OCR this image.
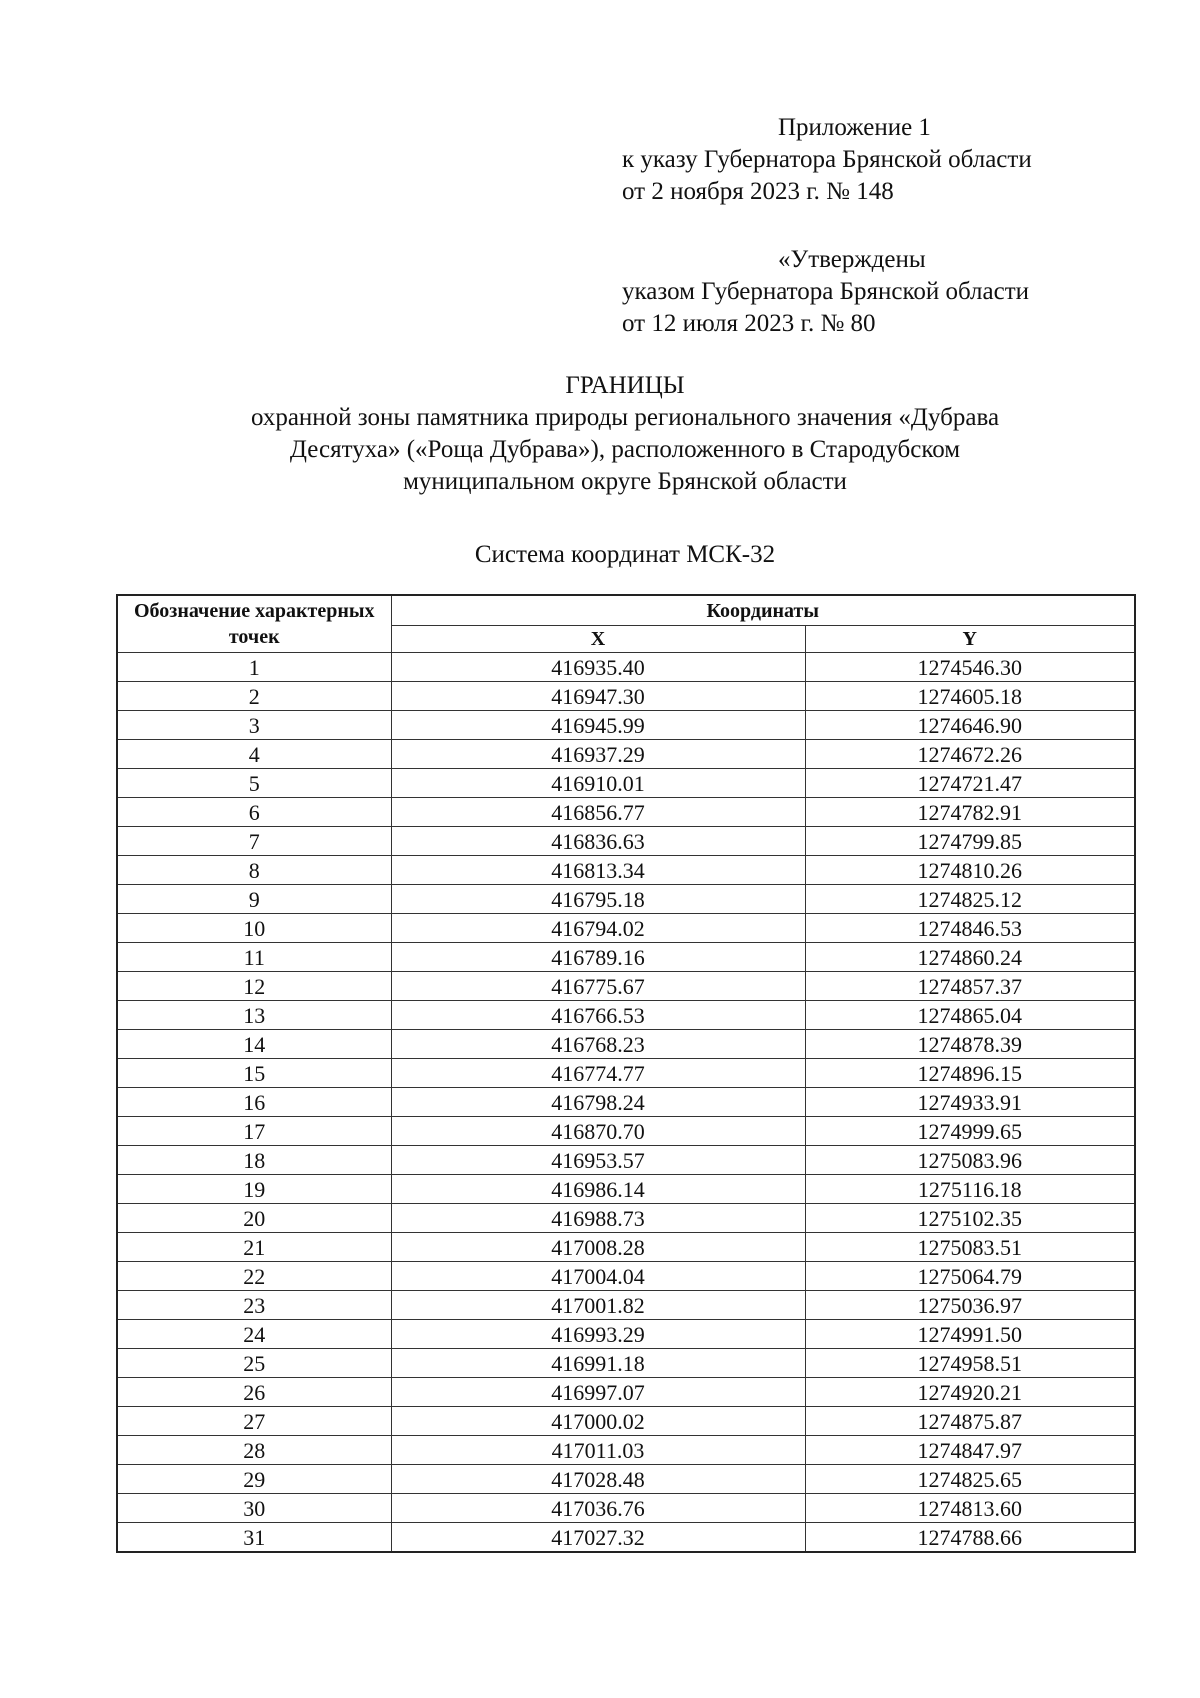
Приложение 1
к указу Губернатора Брянской области
от 2 ноября 2023 г. № 148
«Утверждены
указом Губернатора Брянской области
от 12 июля 2023 г. № 80
ГРАНИЦЫ
охранной зоны памятника природы регионального значения «Дубрава
Десятуха» («Роща Дубрава»), расположенного в Стародубском
муниципальном округе Брянской области
Система координат МСК-32
Обозначение характерных точек	Координаты	
	X	Y
1	416935.40	1274546.30
2	416947.30	1274605.18
3	416945.99	1274646.90
4	416937.29	1274672.26
5	416910.01	1274721.47
6	416856.77	1274782.91
7	416836.63	1274799.85
8	416813.34	1274810.26
9	416795.18	1274825.12
10	416794.02	1274846.53
11	416789.16	1274860.24
12	416775.67	1274857.37
13	416766.53	1274865.04
14	416768.23	1274878.39
15	416774.77	1274896.15
16	416798.24	1274933.91
17	416870.70	1274999.65
18	416953.57	1275083.96
19	416986.14	1275116.18
20	416988.73	1275102.35
21	417008.28	1275083.51
22	417004.04	1275064.79
23	417001.82	1275036.97
24	416993.29	1274991.50
25	416991.18	1274958.51
26	416997.07	1274920.21
27	417000.02	1274875.87
28	417011.03	1274847.97
29	417028.48	1274825.65
30	417036.76	1274813.60
31	417027.32	1274788.66
